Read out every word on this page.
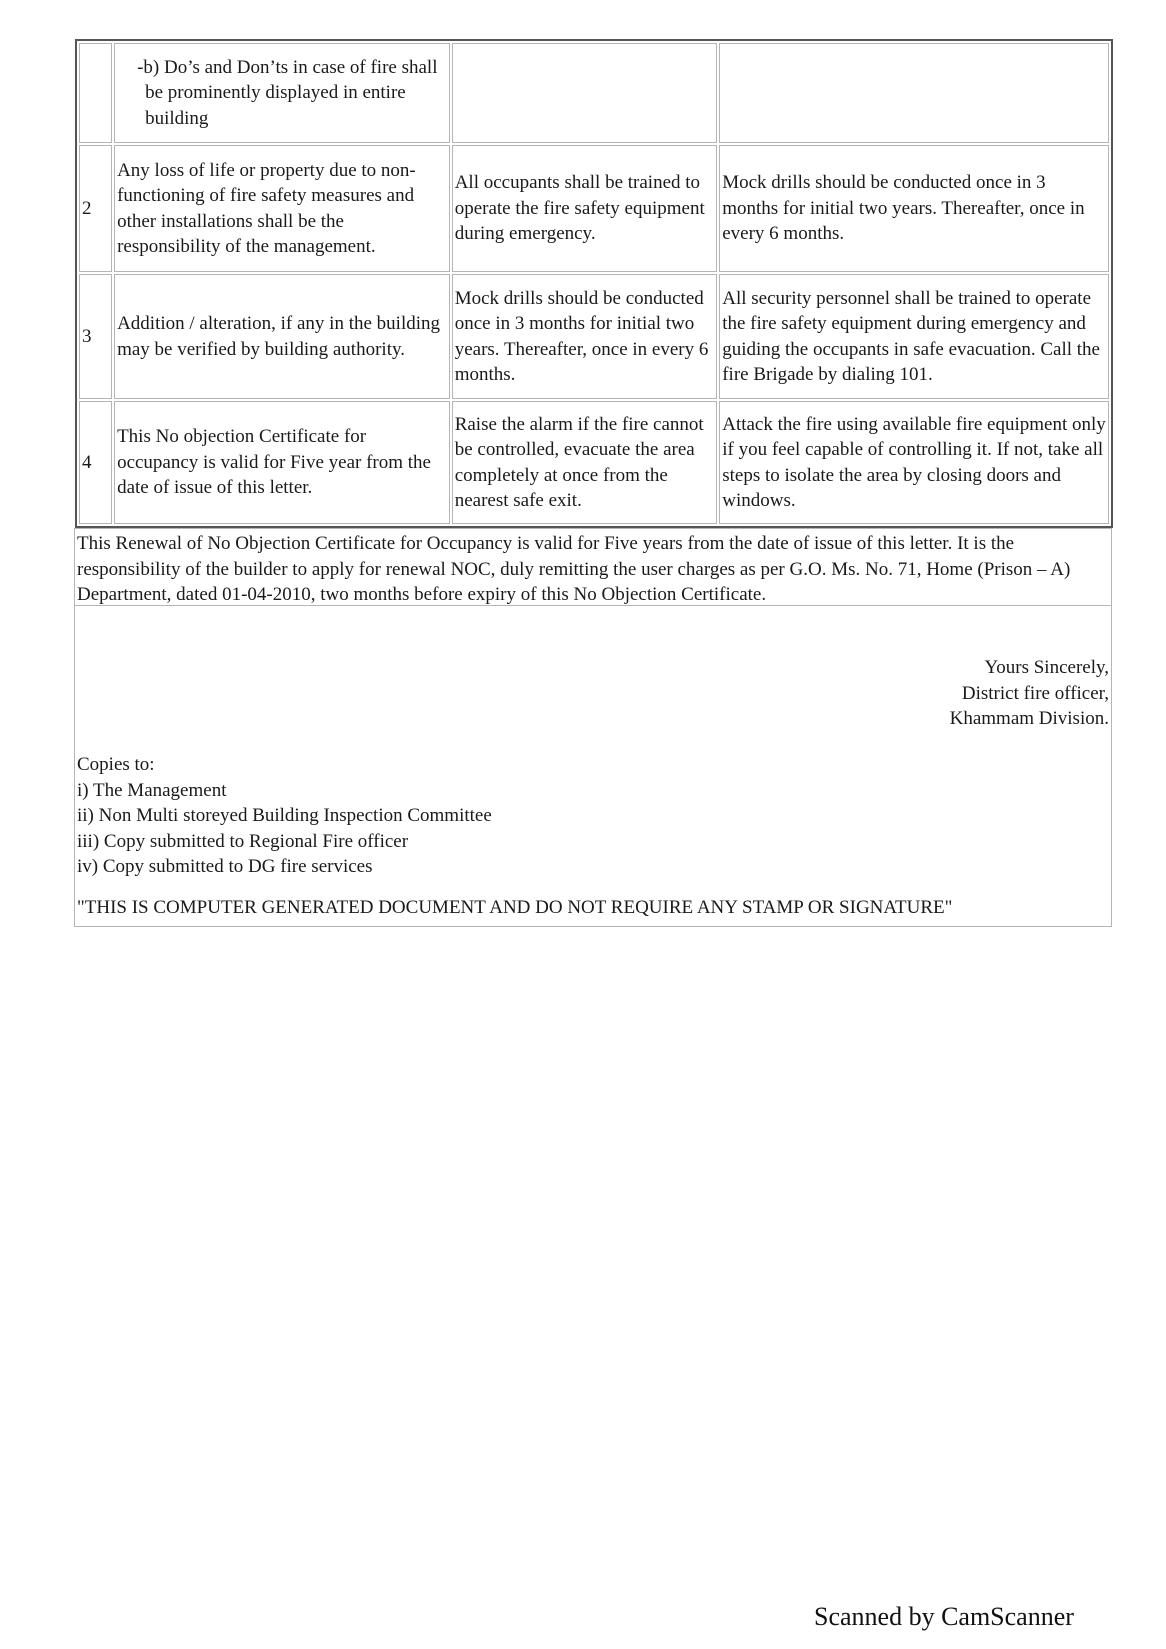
	-b) Do’s and Don’ts in case of fire shall be prominently displayed in entire building		

2	Any loss of life or property due to non-functioning of fire safety measures and other installations shall be the responsibility of the management.	All occupants shall be trained to operate the fire safety equipment during emergency.	Mock drills should be conducted once in 3 months for initial two years. Thereafter, once in every 6 months.
3	Addition / alteration, if any in the building may be verified by building authority.	Mock drills should be conducted once in 3 months for initial two years. Thereafter, once in every 6 months.	All security personnel shall be trained to operate the fire safety equipment during emergency and guiding the occupants in safe evacuation. Call the fire Brigade by dialing 101.
4	This No objection Certificate for occupancy is valid for Five year from the date of issue of this letter.	Raise the alarm if the fire cannot be controlled, evacuate the area completely at once from the nearest safe exit.	Attack the fire using available fire equipment only if you feel capable of controlling it. If not, take all steps to isolate the area by closing doors and windows.
This Renewal of No Objection Certificate for Occupancy is valid for Five years from the date of issue of this letter. It is the responsibility of the builder to apply for renewal NOC, duly remitting the user charges as per G.O. Ms. No. 71, Home (Prison – A) Department, dated 01-04-2010, two months before expiry of this No Objection Certificate.
Yours Sincerely,
District fire officer,
Khammam Division.
Copies to:
i) The Management
ii) Non Multi storeyed Building Inspection Committee
iii) Copy submitted to Regional Fire officer
iv) Copy submitted to DG fire services
"THIS IS COMPUTER GENERATED DOCUMENT AND DO NOT REQUIRE ANY STAMP OR SIGNATURE"
Scanned by CamScanner
